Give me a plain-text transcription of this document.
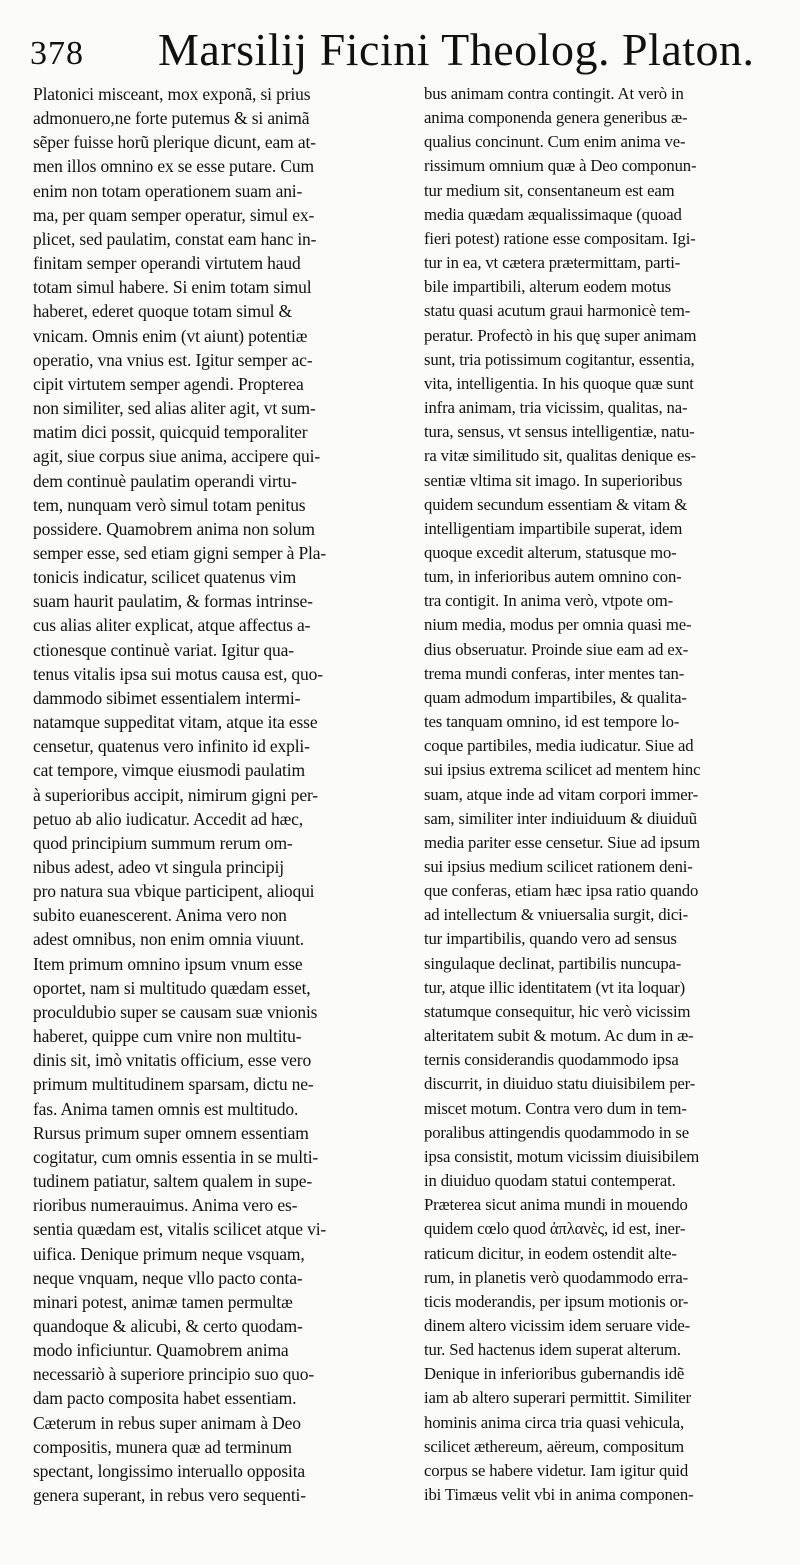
378 Marsilij Ficini Theolog. Platon.
Platonici misceant, mox exponã, si prius
admonuero,ne forte putemus & si animã
sẽper fuisse horũ plerique dicunt, eam at-
men illos omnino ex se esse putare. Cum
enim non totam operationem suam ani-
ma, per quam semper operatur, simul ex-
plicet, sed paulatim, constat eam hanc in-
finitam semper operandi virtutem haud
totam simul habere. Si enim totam simul
haberet, ederet quoque totam simul &
vnicam. Omnis enim (vt aiunt) potentiæ
operatio, vna vnius est. Igitur semper ac-
cipit virtutem semper agendi. Propterea
non similiter, sed alias aliter agit, vt sum-
matim dici possit, quicquid temporaliter
agit, siue corpus siue anima, accipere qui-
dem continuè paulatim operandi virtu-
tem, nunquam verò simul totam penitus
possidere. Quamobrem anima non solum
semper esse, sed etiam gigni semper à Pla-
tonicis indicatur, scilicet quatenus vim
suam haurit paulatim, & formas intrinse-
cus alias aliter explicat, atque affectus a-
ctionesque continuè variat. Igitur qua-
tenus vitalis ipsa sui motus causa est, quo-
dammodo sibimet essentialem intermi-
natamque suppeditat vitam, atque ita esse
censetur, quatenus vero infinito id expli-
cat tempore, vimque eiusmodi paulatim
à superioribus accipit, nimirum gigni per-
petuo ab alio iudicatur. Accedit ad hæc,
quod principium summum rerum om-
nibus adest, adeo vt singula principij
pro natura sua vbique participent, alioqui
subito euanescerent. Anima vero non
adest omnibus, non enim omnia viuunt.
Item primum omnino ipsum vnum esse
oportet, nam si multitudo quædam esset,
proculdubio super se causam suæ vnionis
haberet, quippe cum vnire non multitu-
dinis sit, imò vnitatis officium, esse vero
primum multitudinem sparsam, dictu ne-
fas. Anima tamen omnis est multitudo.
Rursus primum super omnem essentiam
cogitatur, cum omnis essentia in se multi-
tudinem patiatur, saltem qualem in supe-
rioribus numerauimus. Anima vero es-
sentia quædam est, vitalis scilicet atque vi-
uifica. Denique primum neque vsquam,
neque vnquam, neque vllo pacto conta-
minari potest, animæ tamen permultæ
quandoque & alicubi, & certo quodam-
modo inficiuntur. Quamobrem anima
necessariò à superiore principio suo quo-
dam pacto composita habet essentiam.
Cæterum in rebus super animam à Deo
compositis, munera quæ ad terminum
spectant, longissimo interuallo opposita
genera superant, in rebus vero sequenti-
bus animam contra contingit. At verò in
anima componenda genera generibus æ-
qualius concinunt. Cum enim anima ve-
rissimum omnium quæ à Deo componun-
tur medium sit, consentaneum est eam
media quædam æqualissimaque (quoad
fieri potest) ratione esse compositam. Igi-
tur in ea, vt cætera prætermittam, parti-
bile impartibili, alterum eodem motus
statu quasi acutum graui harmonicè tem-
peratur. Profectò in his quę super animam
sunt, tria potissimum cogitantur, essentia,
vita, intelligentia. In his quoque quæ sunt
infra animam, tria vicissim, qualitas, na-
tura, sensus, vt sensus intelligentiæ, natu-
ra vitæ similitudo sit, qualitas denique es-
sentiæ vltima sit imago. In superioribus
quidem secundum essentiam & vitam &
intelligentiam impartibile superat, idem
quoque excedit alterum, statusque mo-
tum, in inferioribus autem omnino con-
tra contigit. In anima verò, vtpote om-
nium media, modus per omnia quasi me-
dius obseruatur. Proinde siue eam ad ex-
trema mundi conferas, inter mentes tan-
quam admodum impartibiles, & qualita-
tes tanquam omnino, id est tempore lo-
coque partibiles, media iudicatur. Siue ad
sui ipsius extrema scilicet ad mentem hinc
suam, atque inde ad vitam corpori immer-
sam, similiter inter indiuiduum & diuiduũ
media pariter esse censetur. Siue ad ipsum
sui ipsius medium scilicet rationem deni-
que conferas, etiam hæc ipsa ratio quando
ad intellectum & vniuersalia surgit, dici-
tur impartibilis, quando vero ad sensus
singulaque declinat, partibilis nuncupa-
tur, atque illic identitatem (vt ita loquar)
statumque consequitur, hic verò vicissim
alteritatem subit & motum. Ac dum in æ-
ternis considerandis quodammodo ipsa
discurrit, in diuiduo statu diuisibilem per-
miscet motum. Contra vero dum in tem-
poralibus attingendis quodammodo in se
ipsa consistit, motum vicissim diuisibilem
in diuiduo quodam statui contemperat.
Præterea sicut anima mundi in mouendo
quidem cœlo quod ἀπλανὲς, id est, iner-
raticum dicitur, in eodem ostendit alte-
rum, in planetis verò quodammodo erra-
ticis moderandis, per ipsum motionis or-
dinem altero vicissim idem seruare vide-
tur. Sed hactenus idem superat alterum.
Denique in inferioribus gubernandis idẽ
iam ab altero superari permittit. Similiter
hominis anima circa tria quasi vehicula,
scilicet æthereum, aëreum, compositum
corpus se habere videtur. Iam igitur quid
ibi Timæus velit vbi in anima componen-
